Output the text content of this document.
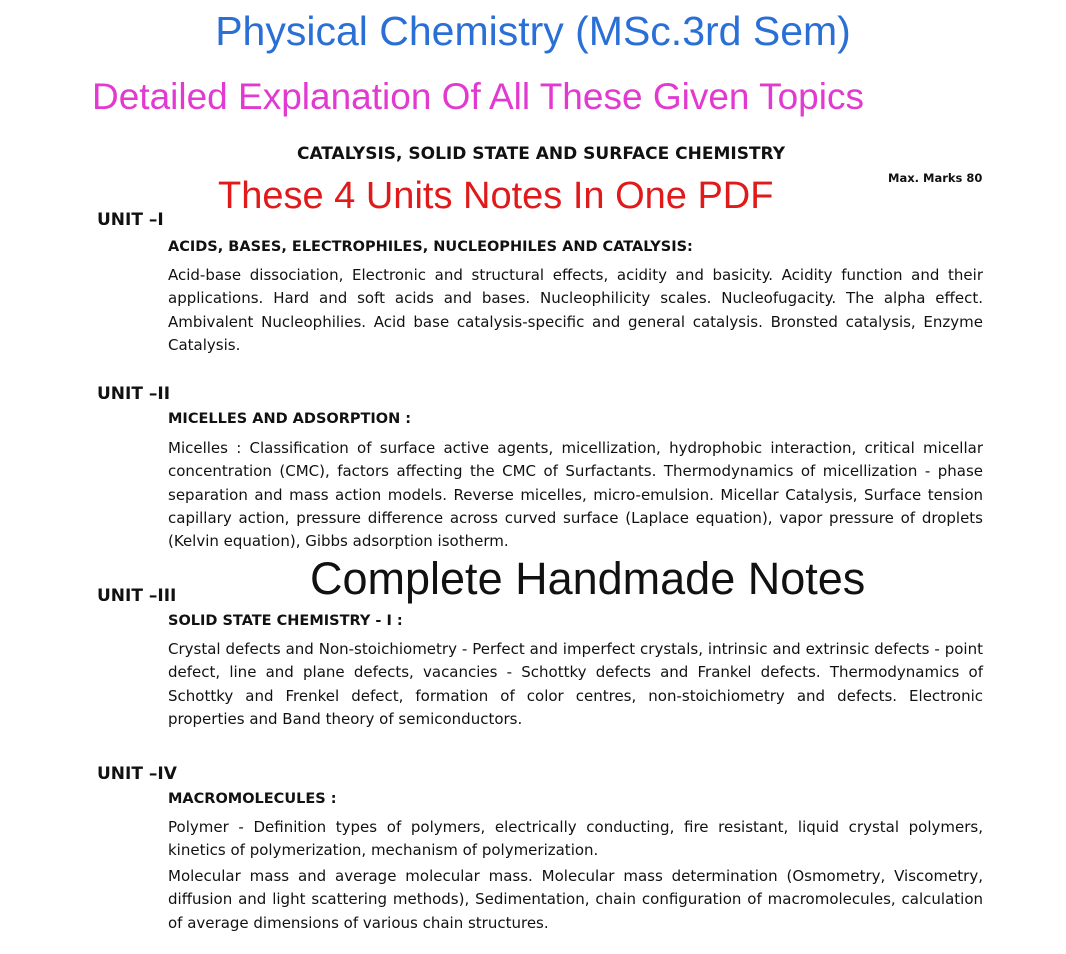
Physical Chemistry (MSc.3rd Sem)
Detailed Explanation Of All These Given Topics
CATALYSIS, SOLID STATE AND SURFACE CHEMISTRY
Max. Marks 80
These 4 Units Notes In One PDF
UNIT –I
ACIDS, BASES, ELECTROPHILES, NUCLEOPHILES AND CATALYSIS:

Acid-base dissociation, Electronic and structural effects, acidity and basicity. Acidity function and their applications. Hard and soft acids and bases. Nucleophilicity scales. Nucleofugacity. The alpha effect. Ambivalent Nucleophilies. Acid base catalysis-specific and general catalysis. Bronsted catalysis, Enzyme Catalysis.

UNIT –II
MICELLES AND ADSORPTION :

Micelles : Classification of surface active agents, micellization, hydrophobic interaction, critical micellar concentration (CMC), factors affecting the CMC of Surfactants. Thermodynamics of micellization - phase separation and mass action models. Reverse micelles, micro-emulsion. Micellar Catalysis, Surface tension capillary action, pressure difference across curved surface (Laplace equation), vapor pressure of droplets (Kelvin equation), Gibbs adsorption isotherm.

Complete Handmade Notes
UNIT –III
SOLID STATE CHEMISTRY - I :

Crystal defects and Non-stoichiometry - Perfect and imperfect crystals, intrinsic and extrinsic defects - point defect, line and plane defects, vacancies - Schottky defects and Frankel defects. Thermodynamics of Schottky and Frenkel defect, formation of color centres, non-stoichiometry and defects. Electronic properties and Band theory of semiconductors.

UNIT –IV
MACROMOLECULES :

Polymer - Definition types of polymers, electrically conducting, fire resistant, liquid crystal polymers, kinetics of polymerization, mechanism of polymerization.

Molecular mass and average molecular mass. Molecular mass determination (Osmometry, Viscometry, diffusion and light scattering methods), Sedimentation, chain configuration of macromolecules, calculation of average dimensions of various chain structures.
